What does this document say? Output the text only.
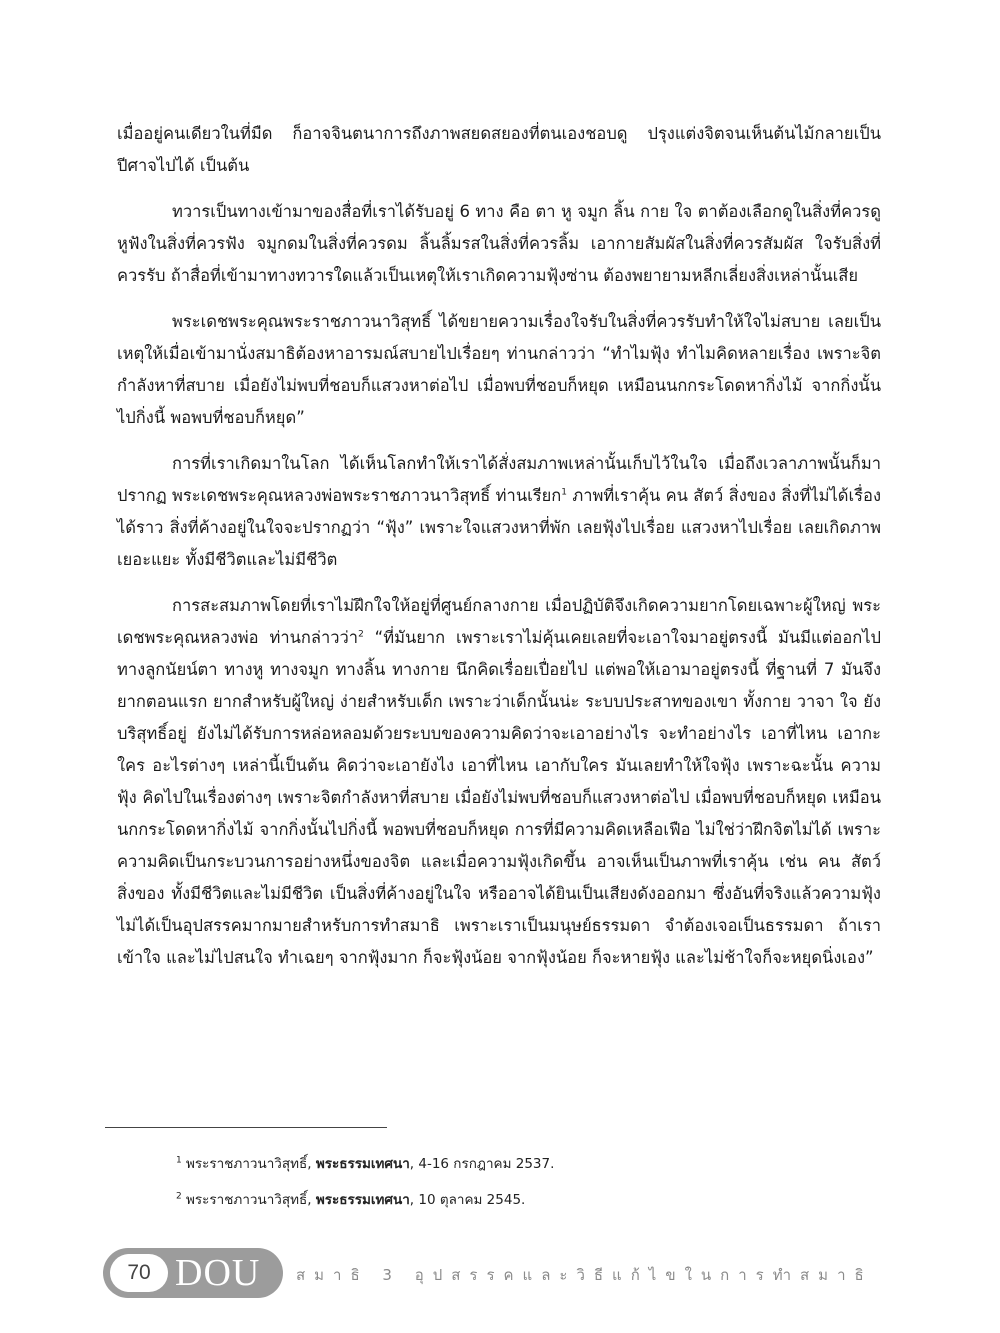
เมื่ออยู่คนเดียวในที่มืด ก็อาจจินตนาการถึงภาพสยดสยองที่ตนเองชอบดู ปรุงแต่งจิตจนเห็นต้นไม้กลายเป็นปีศาจไปได้ เป็นต้น

ทวารเป็นทางเข้ามาของสื่อที่เราได้รับอยู่ 6 ทาง คือ ตา หู จมูก ลิ้น กาย ใจ ตาต้องเลือกดูในสิ่งที่ควรดู หูฟังในสิ่งที่ควรฟัง จมูกดมในสิ่งที่ควรดม ลิ้นลิ้มรสในสิ่งที่ควรลิ้ม เอากายสัมผัสในสิ่งที่ควรสัมผัส ใจรับสิ่งที่ควรรับ ถ้าสื่อที่เข้ามาทางทวารใดแล้วเป็นเหตุให้เราเกิดความฟุ้งซ่าน ต้องพยายามหลีกเลี่ยงสิ่งเหล่านั้นเสีย

พระเดชพระคุณพระราชภาวนาวิสุทธิ์ ได้ขยายความเรื่องใจรับในสิ่งที่ควรรับทำให้ใจไม่สบาย เลยเป็นเหตุให้เมื่อเข้ามานั่งสมาธิต้องหาอารมณ์สบายไปเรื่อยๆ ท่านกล่าวว่า “ทำไมฟุ้ง ทำไมคิดหลายเรื่อง เพราะจิตกำลังหาที่สบาย เมื่อยังไม่พบที่ชอบก็แสวงหาต่อไป เมื่อพบที่ชอบก็หยุด เหมือนนกกระโดดหากิ่งไม้ จากกิ่งนั้นไปกิ่งนี้ พอพบที่ชอบก็หยุด”

การที่เราเกิดมาในโลก ได้เห็นโลกทำให้เราได้สั่งสมภาพเหล่านั้นเก็บไว้ในใจ เมื่อถึงเวลาภาพนั้นก็มาปรากฏ พระเดชพระคุณหลวงพ่อพระราชภาวนาวิสุทธิ์ ท่านเรียก$^1$ ภาพที่เราคุ้น คน สัตว์ สิ่งของ สิ่งที่ไม่ได้เรื่องได้ราว สิ่งที่ค้างอยู่ในใจจะปรากฏว่า “ฟุ้ง” เพราะใจแสวงหาที่พัก เลยฟุ้งไปเรื่อย แสวงหาไปเรื่อย เลยเกิดภาพเยอะแยะ ทั้งมีชีวิตและไม่มีชีวิต

การสะสมภาพโดยที่เราไม่ฝึกใจให้อยู่ที่ศูนย์กลางกาย เมื่อปฏิบัติจึงเกิดความยากโดยเฉพาะผู้ใหญ่ พระเดชพระคุณหลวงพ่อ ท่านกล่าวว่า$^2$ “ที่มันยาก เพราะเราไม่คุ้นเคยเลยที่จะเอาใจมาอยู่ตรงนี้ มันมีแต่ออกไปทางลูกนัยน์ตา ทางหู ทางจมูก ทางลิ้น ทางกาย นึกคิดเรื่อยเปื่อยไป แต่พอให้เอามาอยู่ตรงนี้ ที่ฐานที่ 7 มันจึงยากตอนแรก ยากสำหรับผู้ใหญ่ ง่ายสำหรับเด็ก เพราะว่าเด็กนั้นน่ะ ระบบประสาทของเขา ทั้งกาย วาจา ใจ ยังบริสุทธิ์อยู่ ยังไม่ได้รับการหล่อหลอมด้วยระบบของความคิดว่าจะเอาอย่างไร จะทำอย่างไร เอาที่ไหน เอากะใคร อะไรต่างๆ เหล่านี้เป็นต้น คิดว่าจะเอายังไง เอาที่ไหน เอากับใคร มันเลยทำให้ใจฟุ้ง เพราะฉะนั้น ความฟุ้ง คิดไปในเรื่องต่างๆ เพราะจิตกำลังหาที่สบาย เมื่อยังไม่พบที่ชอบก็แสวงหาต่อไป เมื่อพบที่ชอบก็หยุด เหมือนนกกระโดดหากิ่งไม้ จากกิ่งนั้นไปกิ่งนี้ พอพบที่ชอบก็หยุด การที่มีความคิดเหลือเฟือ ไม่ใช่ว่าฝึกจิตไม่ได้ เพราะความคิดเป็นกระบวนการอย่างหนึ่งของจิต และเมื่อความฟุ้งเกิดขึ้น อาจเห็นเป็นภาพที่เราคุ้น เช่น คน สัตว์ สิ่งของ ทั้งมีชีวิตและไม่มีชีวิต เป็นสิ่งที่ค้างอยู่ในใจ หรืออาจได้ยินเป็นเสียงดังออกมา ซึ่งอันที่จริงแล้วความฟุ้งไม่ได้เป็นอุปสรรคมากมายสำหรับการทำสมาธิ เพราะเราเป็นมนุษย์ธรรมดา จำต้องเจอเป็นธรรมดา ถ้าเราเข้าใจ และไม่ไปสนใจ ทำเฉยๆ จากฟุ้งมาก ก็จะฟุ้งน้อย จากฟุ้งน้อย ก็จะหายฟุ้ง และไม่ช้าใจก็จะหยุดนิ่งเอง”

$^1$ พระราชภาวนาวิสุทธิ์, พระธรรมเทศนา, 4-16 กรกฎาคม 2537.
$^2$ พระราชภาวนาวิสุทธิ์, พระธรรมเทศนา, 10 ตุลาคม 2545.
70 DOU สมาธิ 3 อุปสรรคและวิธีแก้ไขในการทำสมาธิ
